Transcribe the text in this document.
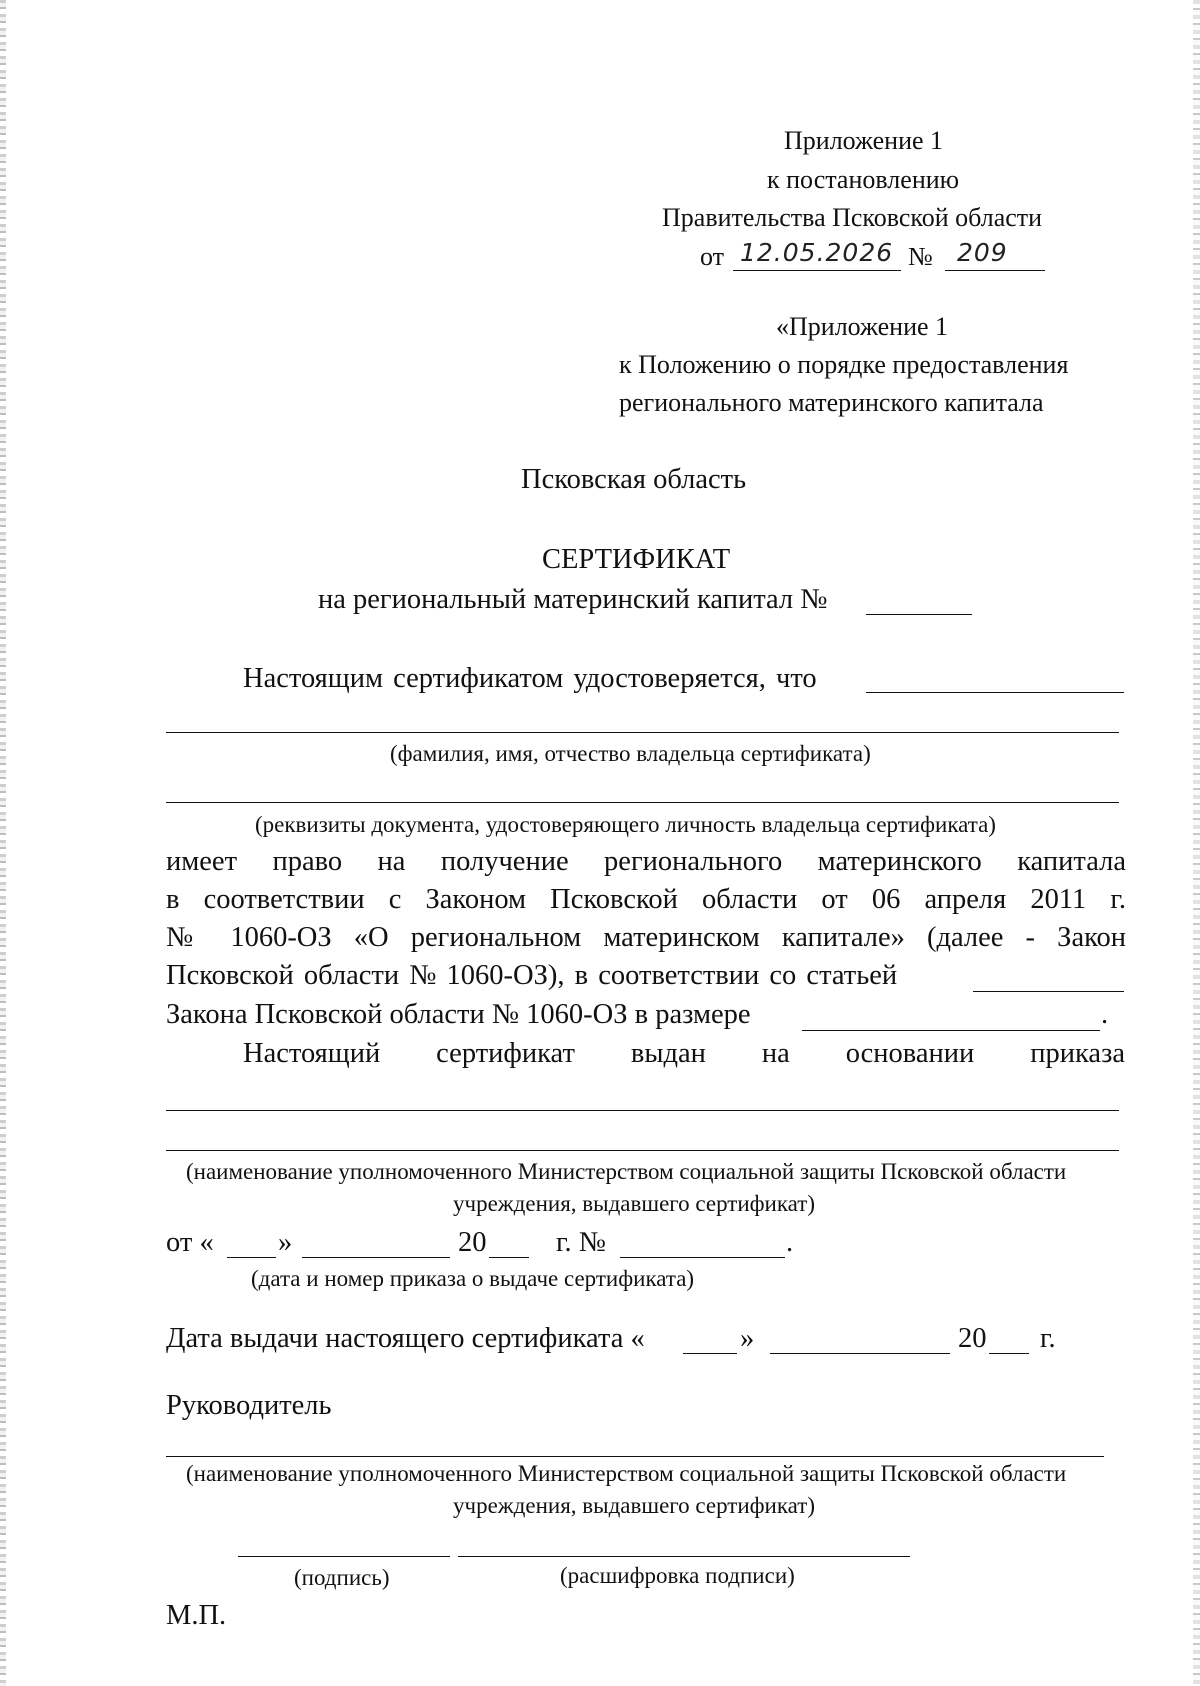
Приложение 1
к постановлению
Правительства Псковской области
от 12.05.2026 № 209
«Приложение 1
к Положению о порядке предоставления
регионального материнского капитала
Псковская область
СЕРТИФИКАТ
на региональный материнский капитал №
Настоящим сертификатом удостоверяется, что
(фамилия, имя, отчество владельца сертификата)
(реквизиты документа, удостоверяющего личность владельца сертификата)
имеет право на получение регионального материнского капитала
в соответствии с Законом Псковской области от 06 апреля 2011 г.
№ 1060-ОЗ «О региональном материнском капитале» (далее - Закон
Псковской области № 1060-ОЗ), в соответствии со статьей
Закона Псковской области № 1060-ОЗ в размере	.
Настоящий сертификат выдан на основании приказа
(наименование уполномоченного Министерством социальной защиты Псковской области
учреждения, выдавшего сертификат)
от « »	20 г. №	.
(дата и номер приказа о выдаче сертификата)
Дата выдачи настоящего сертификата «	»	20 г.
Руководитель
(наименование уполномоченного Министерством социальной защиты Псковской области
учреждения, выдавшего сертификат)
(подпись)	(расшифровка подписи)
М.П.
